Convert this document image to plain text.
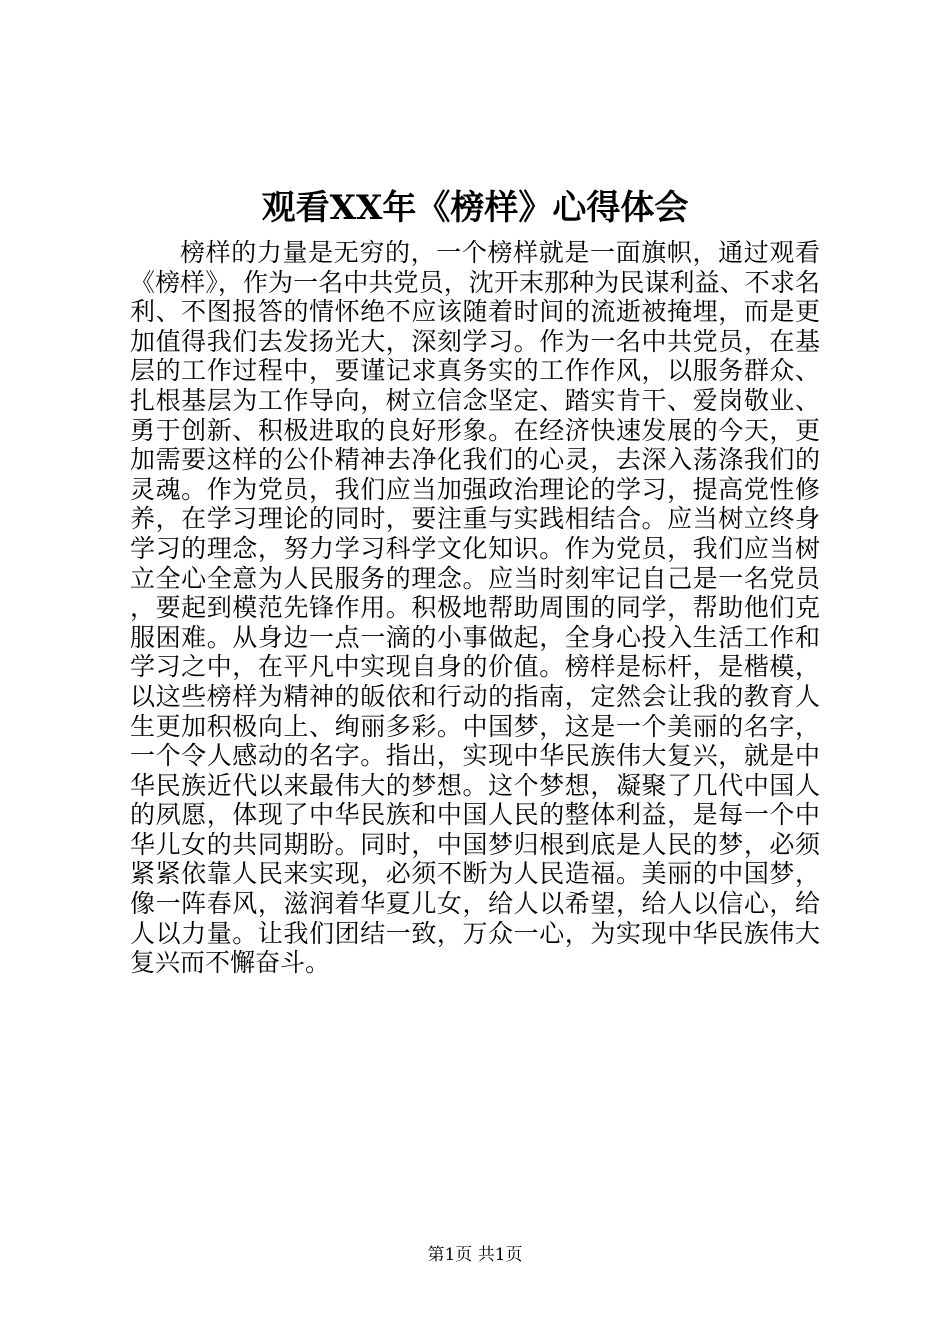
观看XX年《榜样》心得体会

榜样的力量是无穷的，一个榜样就是一面旗帜，通过观看《榜样》，作为一名中共党员，沈开末那种为民谋利益、不求名利、不图报答的情怀绝不应该随着时间的流逝被掩埋，而是更加值得我们去发扬光大，深刻学习。作为一名中共党员，在基层的工作过程中，要谨记求真务实的工作作风，以服务群众、扎根基层为工作导向，树立信念坚定、踏实肯干、爱岗敬业、勇于创新、积极进取的良好形象。在经济快速发展的今天，更加需要这样的公仆精神去净化我们的心灵，去深入荡涤我们的灵魂。作为党员，我们应当加强政治理论的学习，提高党性修养，在学习理论的同时，要注重与实践相结合。应当树立终身学习的理念，努力学习科学文化知识。作为党员，我们应当树立全心全意为人民服务的理念。应当时刻牢记自己是一名党员，要起到模范先锋作用。积极地帮助周围的同学，帮助他们克服困难。从身边一点一滴的小事做起，全身心投入生活工作和学习之中，在平凡中实现自身的价值。榜样是标杆，是楷模，以这些榜样为精神的皈依和行动的指南，定然会让我的教育人生更加积极向上、绚丽多彩。中国梦，这是一个美丽的名字，一个令人感动的名字。指出，实现中华民族伟大复兴，就是中华民族近代以来最伟大的梦想。这个梦想，凝聚了几代中国人的夙愿，体现了中华民族和中国人民的整体利益，是每一个中华儿女的共同期盼。同时，中国梦归根到底是人民的梦，必须紧紧依靠人民来实现，必须不断为人民造福。美丽的中国梦，像一阵春风，滋润着华夏儿女，给人以希望，给人以信心，给人以力量。让我们团结一致，万众一心，为实现中华民族伟大复兴而不懈奋斗。

第1页 共1页
